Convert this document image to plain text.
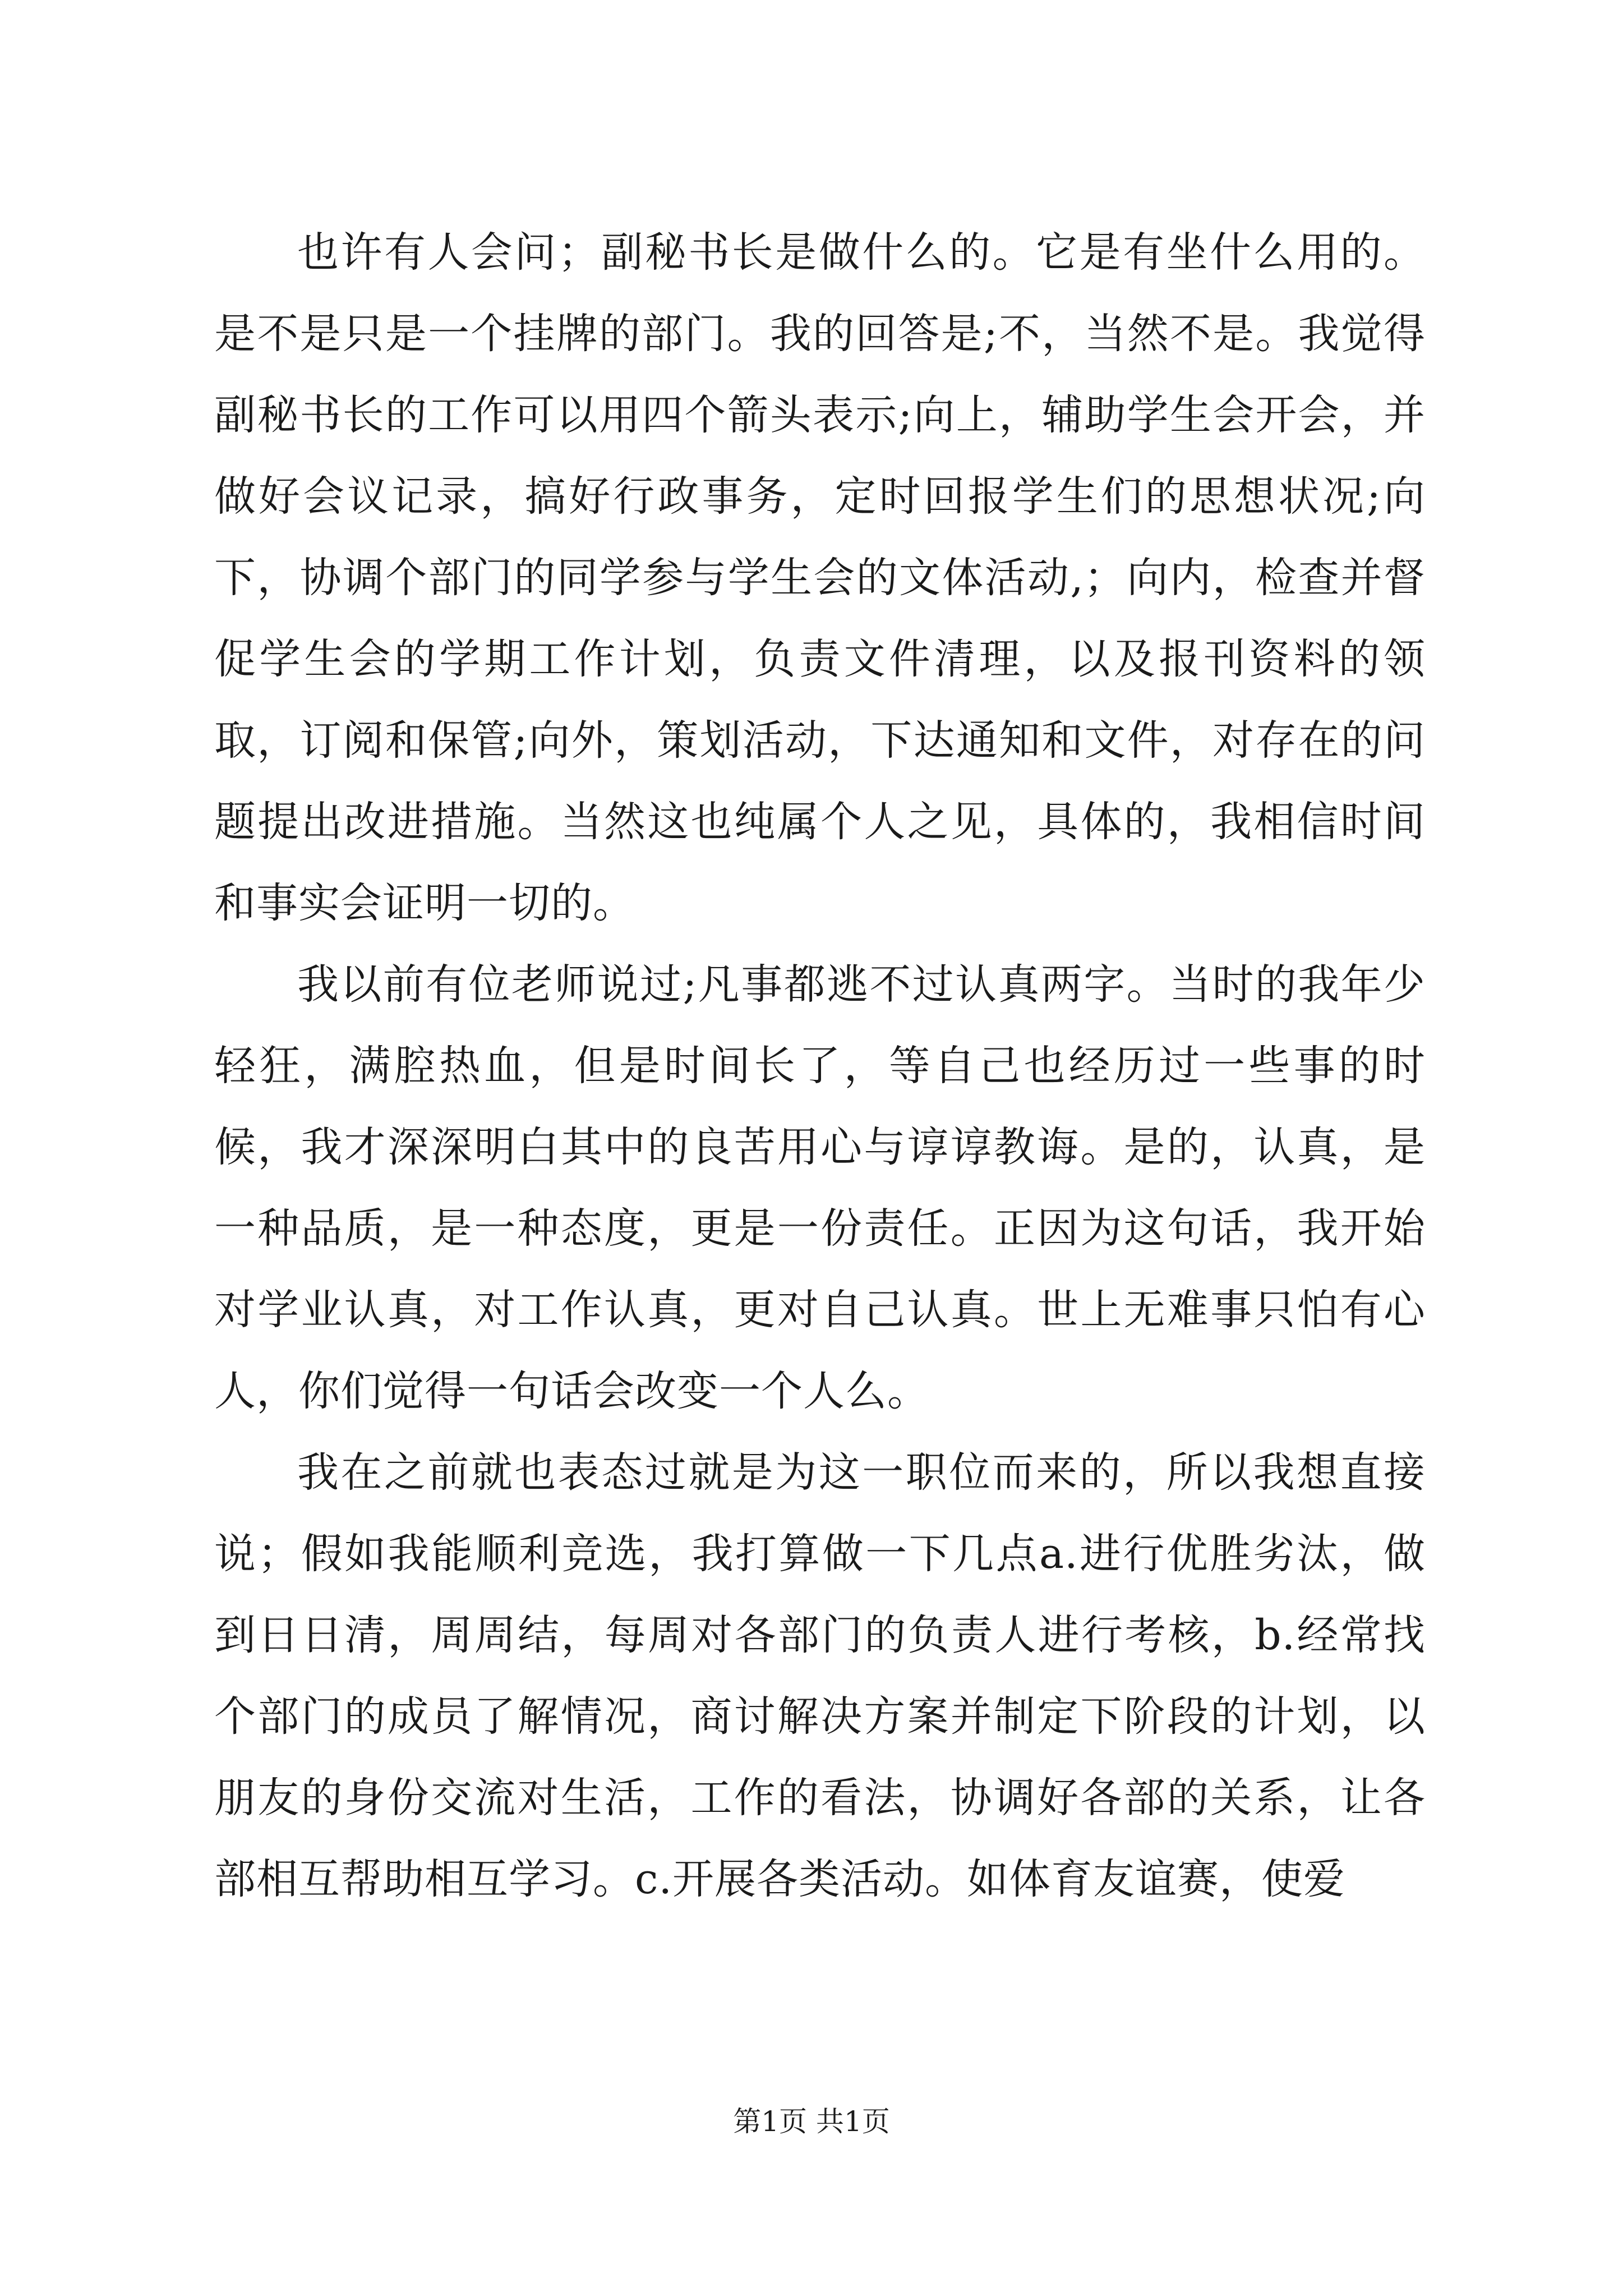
也许有人会问；副秘书长是做什么的。它是有坐什么用的。是不是只是一个挂牌的部门。我的回答是;不，当然不是。我觉得副秘书长的工作可以用四个箭头表示;向上，辅助学生会开会，并做好会议记录，搞好行政事务，定时回报学生们的思想状况;向下，协调个部门的同学参与学生会的文体活动,；向内，检查并督促学生会的学期工作计划，负责文件清理，以及报刊资料的领取，订阅和保管;向外，策划活动，下达通知和文件，对存在的问题提出改进措施。当然这也纯属个人之见，具体的，我相信时间和事实会证明一切的。

我以前有位老师说过;凡事都逃不过认真两字。当时的我年少轻狂，满腔热血，但是时间长了，等自己也经历过一些事的时候，我才深深明白其中的良苦用心与谆谆教诲。是的，认真，是一种品质，是一种态度，更是一份责任。正因为这句话，我开始对学业认真，对工作认真，更对自己认真。世上无难事只怕有心人，你们觉得一句话会改变一个人么。

我在之前就也表态过就是为这一职位而来的，所以我想直接说；假如我能顺利竞选，我打算做一下几点a.进行优胜劣汰，做到日日清，周周结，每周对各部门的负责人进行考核，b.经常找个部门的成员了解情况，商讨解决方案并制定下阶段的计划，以朋友的身份交流对生活，工作的看法，协调好各部的关系，让各部相互帮助相互学习。c.开展各类活动。如体育友谊赛，使爱

第1页 共1页
